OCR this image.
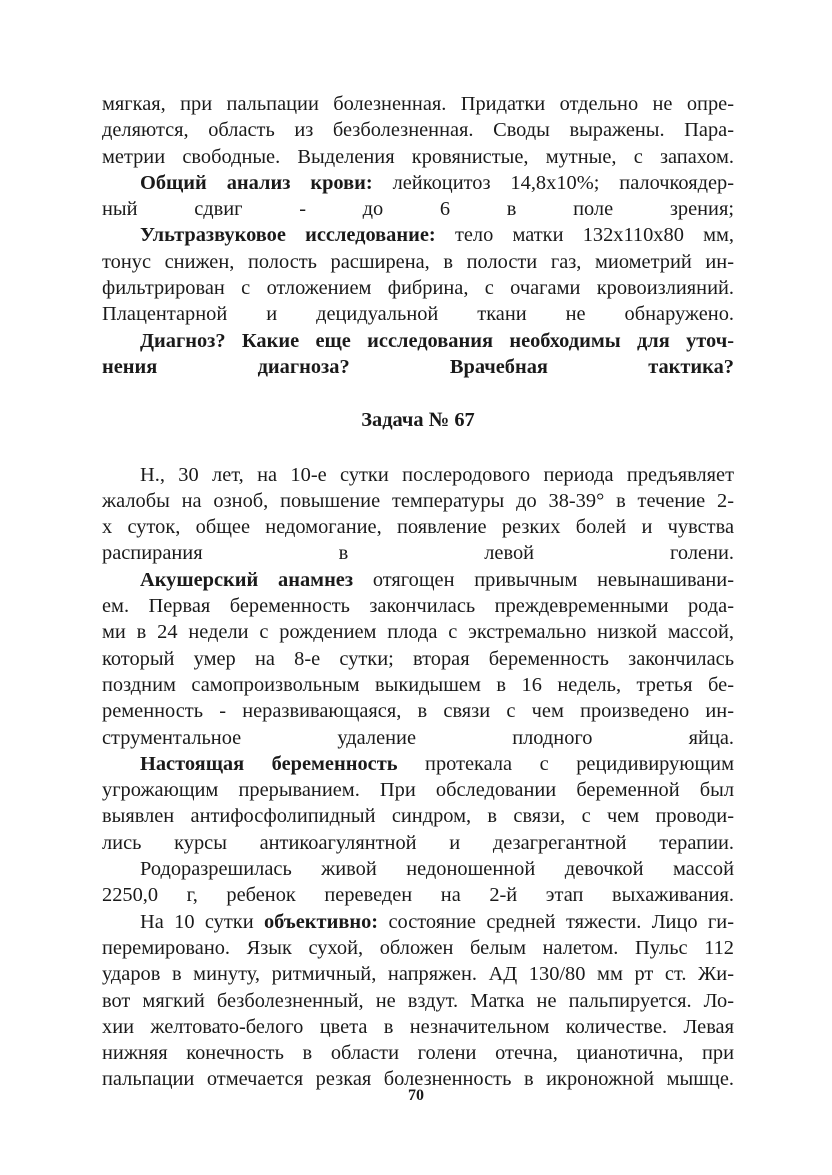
мягкая, при пальпации болезненная. Придатки отдельно не опре-
деляются, область из безболезненная. Своды выражены. Пара-
метрии свободные. Выделения кровянистые, мутные, с запахом.

Общий анализ крови: лейкоцитоз 14,8х10%; палочкоядер-
ный сдвиг - до 6 в поле зрения;

Ультразвуковое исследование: тело матки 132х110х80 мм,
тонус снижен, полость расширена, в полости газ, миометрий ин-
фильтрирован с отложением фибрина, с очагами кровоизлияний.
Плацентарной и децидуальной ткани не обнаружено.

Диагноз? Какие еще исследования необходимы для уточ-
нения диагноза? Врачебная тактика?

Задача № 67

Н., 30 лет, на 10-е сутки послеродового периода предъявляет
жалобы на озноб, повышение температуры до 38-39° в течение 2-
х суток, общее недомогание, появление резких болей и чувства
распирания в левой голени.

Акушерский анамнез отягощен привычным невынашивани-
ем. Первая беременность закончилась преждевременными рода-
ми в 24 недели с рождением плода с экстремально низкой массой,
который умер на 8-е сутки; вторая беременность закончилась
поздним самопроизвольным выкидышем в 16 недель, третья бе-
ременность - неразвивающаяся, в связи с чем произведено ин-
струментальное удаление плодного яйца.

Настоящая беременность протекала с рецидивирующим
угрожающим прерыванием. При обследовании беременной был
выявлен антифосфолипидный синдром, в связи, с чем проводи-
лись курсы антикоагулянтной и дезагрегантной терапии.

Родоразрешилась живой недоношенной девочкой массой
2250,0 г, ребенок переведен на 2-й этап выхаживания.

На 10 сутки объективно: состояние средней тяжести. Лицо ги-
перемировано. Язык сухой, обложен белым налетом. Пульс 112
ударов в минуту, ритмичный, напряжен. АД 130/80 мм рт ст. Жи-
вот мягкий безболезненный, не вздут. Матка не пальпируется. Ло-
хии желтовато-белого цвета в незначительном количестве. Левая
нижняя конечность в области голени отечна, цианотична, при
пальпации отмечается резкая болезненность в икроножной мышце.

70
